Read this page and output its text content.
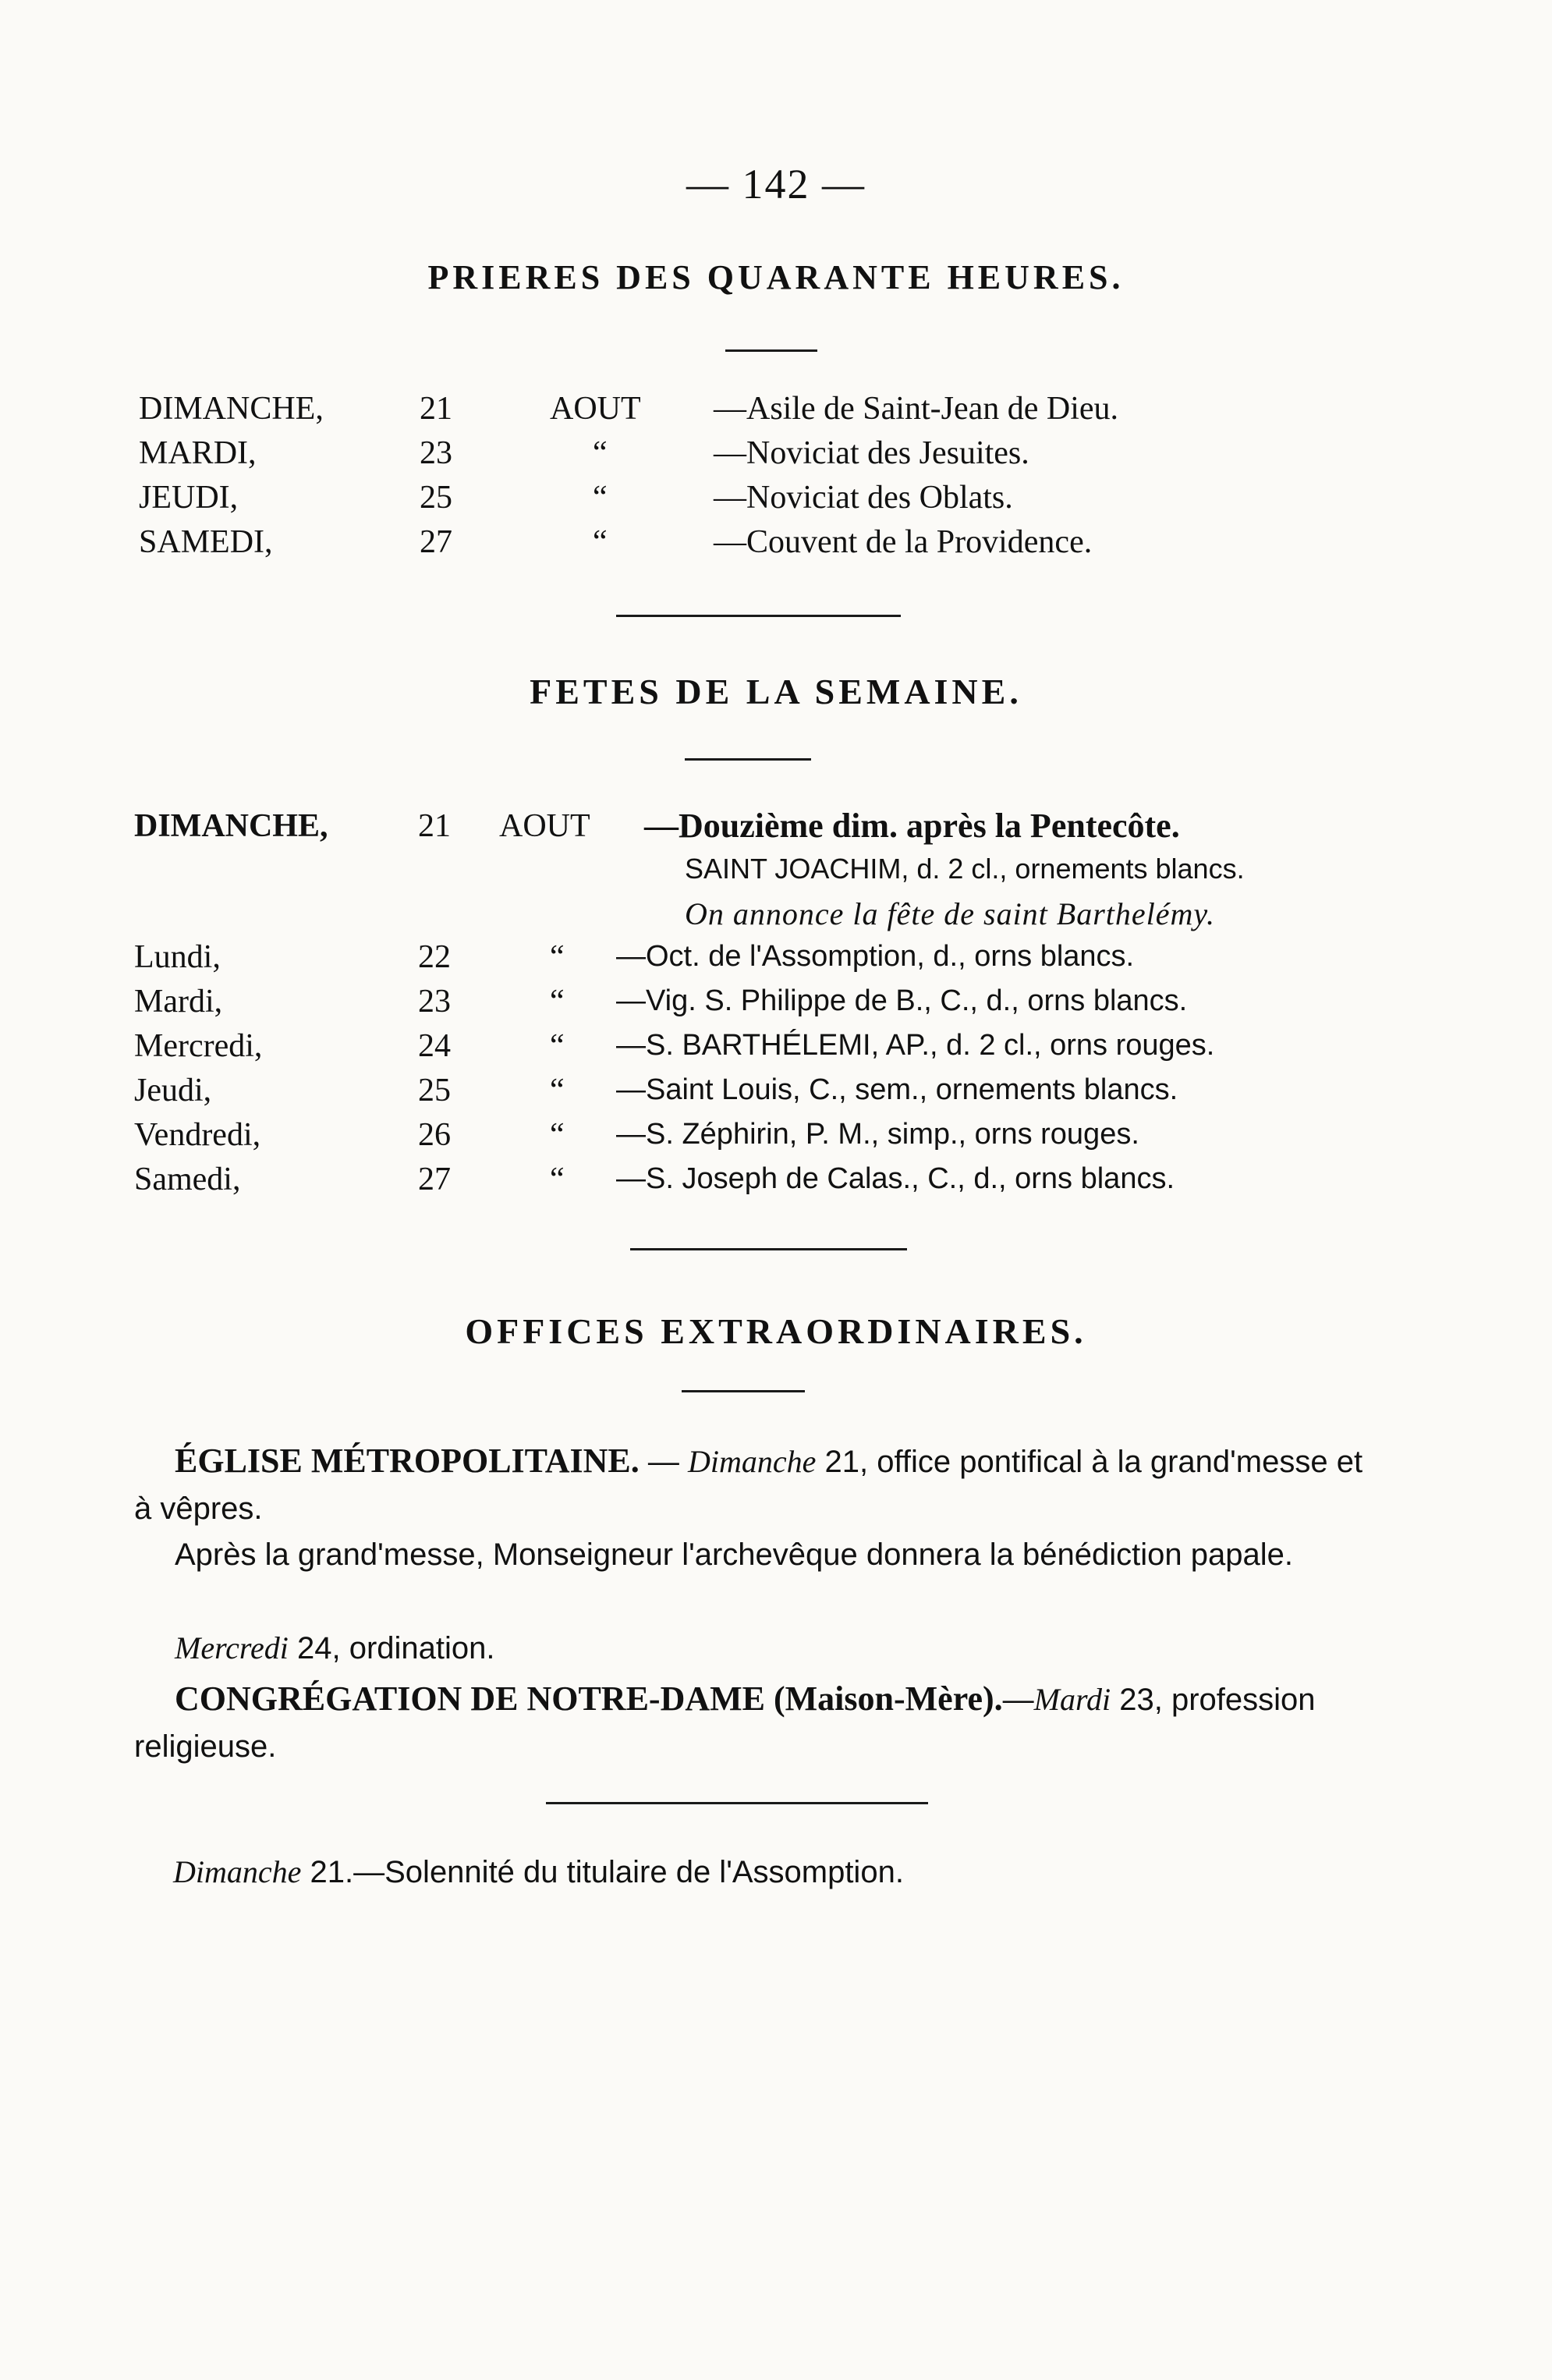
— 142 —
PRIERES DES QUARANTE HEURES.
DIMANCHE,	21	AOUT —Asile de Saint-Jean de Dieu.
MARDI,	23	“	—Noviciat des Jesuites.
JEUDI,	25	“	—Noviciat des Oblats.
SAMEDI,	27	“	—Couvent de la Providence.
FETES DE LA SEMAINE.
DIMANCHE,	21 AOUT —Douzième dim. après la Pentecôte.
SAINT JOACHIM, d. 2 cl., ornements blancs.
On annonce la fête de saint Barthelémy.
Lundi,	22	“ —Oct. de l'Assomption, d., orns blancs.
Mardi,	23	“ —Vig. S. Philippe de B., C., d., orns blancs.
Mercredi,	24	“ —S. BARTHÉLEMI, AP., d. 2 cl., orns rouges.
Jeudi,	25	“ —Saint Louis, C., sem., ornements blancs.
Vendredi,	26	“ —S. Zéphirin, P. M., simp., orns rouges.
Samedi,	27	“ —S. Joseph de Calas., C., d., orns blancs.
OFFICES EXTRAORDINAIRES.
ÉGLISE MÉTROPOLITAINE. — Dimanche 21, office pontifical à la grand'messe et à vêpres.
Après la grand'messe, Monseigneur l'archevêque donnera la bénédiction papale.
Mercredi 24, ordination.
CONGRÉGATION DE NOTRE-DAME (Maison-Mère).—Mardi 23, profession religieuse.
Dimanche 21.—Solennité du titulaire de l'Assomption.
